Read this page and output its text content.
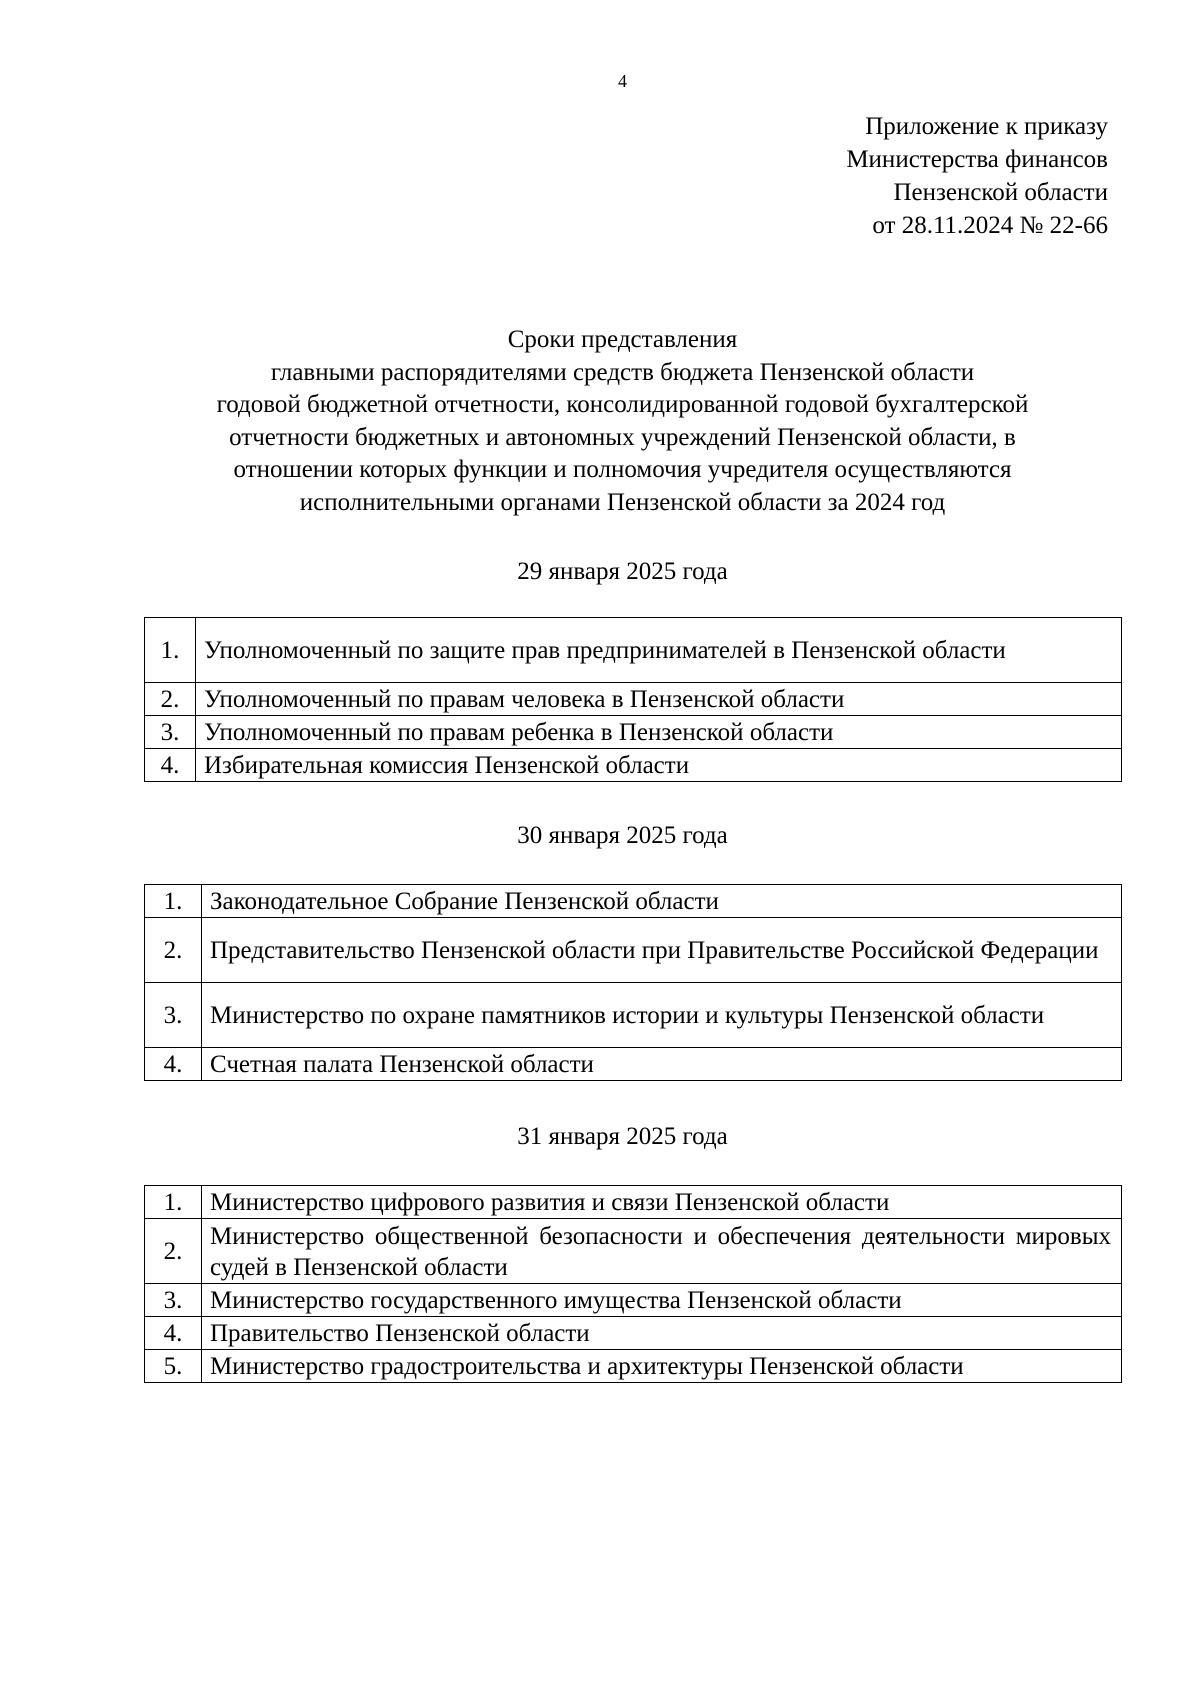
4
Приложение к приказу
Министерства финансов
Пензенской области
от 28.11.2024 № 22-66
Сроки представления
главными распорядителями средств бюджета Пензенской области
годовой бюджетной отчетности, консолидированной годовой бухгалтерской
отчетности бюджетных и автономных учреждений Пензенской области, в
отношении которых функции и полномочия учредителя осуществляются
исполнительными органами Пензенской области за 2024 год
29 января 2025 года
1.	Уполномоченный по защите прав предпринимателей в Пензенской области
2.	Уполномоченный по правам человека в Пензенской области
3.	Уполномоченный по правам ребенка в Пензенской области
4.	Избирательная комиссия Пензенской области
30 января 2025 года
1.	Законодательное Собрание Пензенской области
2.	Представительство Пензенской области при Правительстве Российской Федерации
3.	Министерство по охране памятников истории и культуры Пензенской области
4.	Счетная палата Пензенской области
31 января 2025 года
1.	Министерство цифрового развития и связи Пензенской области
2.	Министерство общественной безопасности и обеспечения деятельности мировых судей в Пензенской области
3.	Министерство государственного имущества Пензенской области
4.	Правительство Пензенской области
5.	Министерство градостроительства и архитектуры Пензенской области
